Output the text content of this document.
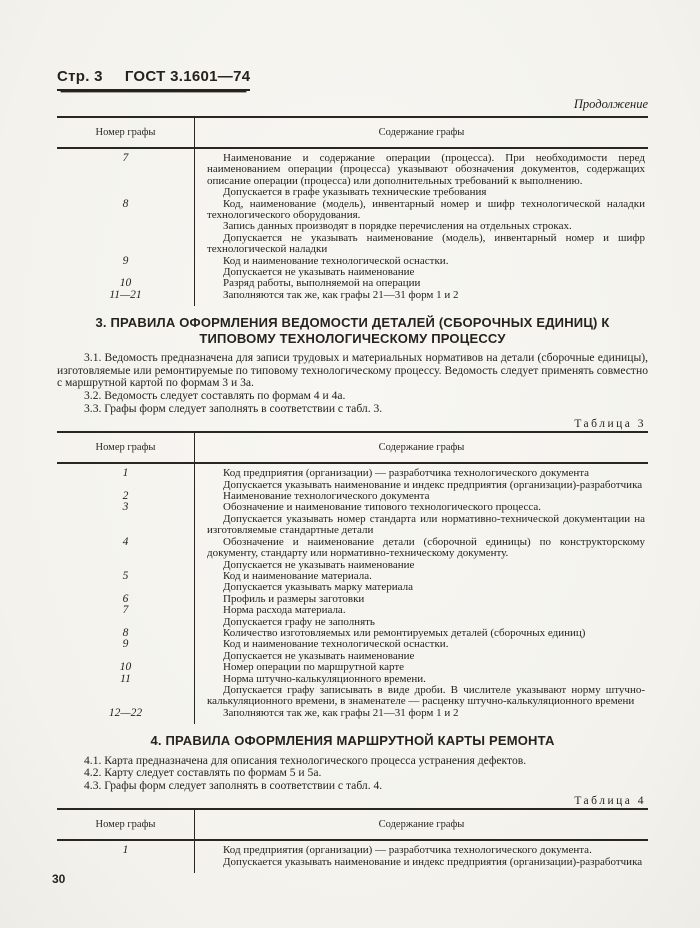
Стр. 3 ГОСТ 3.1601—74
Продолжение
Номер графы	Содержание графы
7	Наименование и содержание операции (процесса). При необходимости перед наименованием операции (процесса) указывают обозначения документов, содержащих описание операции (процесса) или дополнительных требований к выполнению.

Допускается в графе указывать технические требования

8	Код, наименование (модель), инвентарный номер и шифр технологической наладки технологического оборудования.

Запись данных производят в порядке перечисления на отдельных строках.

Допускается не указывать наименование (модель), инвентарный номер и шифр технологической наладки

9	Код и наименование технологической оснастки.

Допускается не указывать наименование

10	Разряд работы, выполняемой на операции

11—21	Заполняются так же, как графы 21—31 форм 1 и 2

3. ПРАВИЛА ОФОРМЛЕНИЯ ВЕДОМОСТИ ДЕТАЛЕЙ (СБОРОЧНЫХ ЕДИНИЦ) К ТИПОВОМУ ТЕХНОЛОГИЧЕСКОМУ ПРОЦЕССУ

3.1. Ведомость предназначена для записи трудовых и материальных нормативов на детали (сборочные единицы), изготовляемые или ремонтируемые по типовому технологическому процессу. Ведомость следует применять совместно с маршрутной картой по формам 3 и 3а.

3.2. Ведомость следует составлять по формам 4 и 4а.

3.3. Графы форм следует заполнять в соответствии с табл. 3.

Таблица 3
Номер графы	Содержание графы
1	Код предприятия (организации) — разработчика технологического документа

Допускается указывать наименование и индекс предприятия (организации)-разработчика

2	Наименование технологического документа

3	Обозначение и наименование типового технологического процесса.

Допускается указывать номер стандарта или нормативно-технической документации на изготовляемые стандартные детали

4	Обозначение и наименование детали (сборочной единицы) по конструкторскому документу, стандарту или нормативно-техническому документу.

Допускается не указывать наименование

5	Код и наименование материала.

Допускается указывать марку материала

6	Профиль и размеры заготовки

7	Норма расхода материала.

Допускается графу не заполнять

8	Количество изготовляемых или ремонтируемых деталей (сборочных единиц)

9	Код и наименование технологической оснастки.

Допускается не указывать наименование

10	Номер операции по маршрутной карте

11	Норма штучно-калькуляционного времени.

Допускается графу записывать в виде дроби. В числителе указывают норму штучно-калькуляционного времени, в знаменателе — расценку штучно-калькуляционного времени

12—22	Заполняются так же, как графы 21—31 форм 1 и 2

4. ПРАВИЛА ОФОРМЛЕНИЯ МАРШРУТНОЙ КАРТЫ РЕМОНТА

4.1. Карта предназначена для описания технологического процесса устранения дефектов.

4.2. Карту следует составлять по формам 5 и 5а.

4.3. Графы форм следует заполнять в соответствии с табл. 4.

Таблица 4
Номер графы	Содержание графы
1	Код предприятия (организации) — разработчика технологического документа.

Допускается указывать наименование и индекс предприятия (организации)-разработчика

30
